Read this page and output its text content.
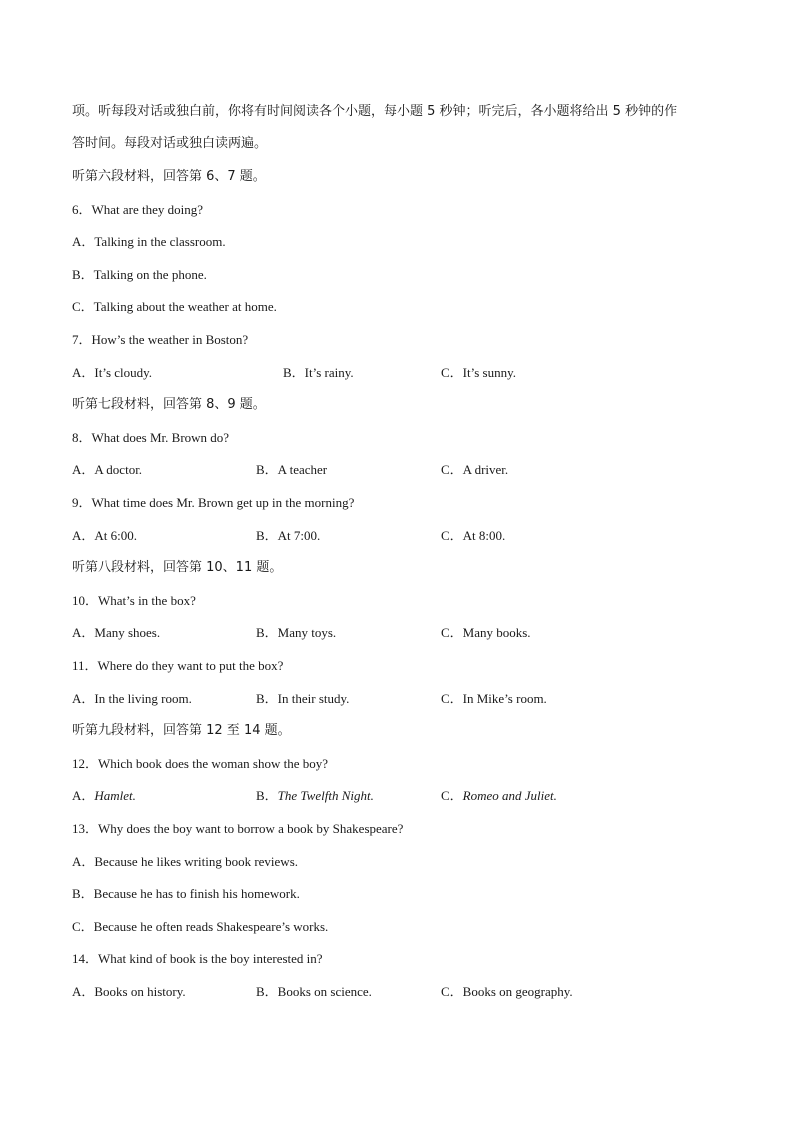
项。听每段对话或独白前，你将有时间阅读各个小题，每小题 5 秒钟；听完后，各小题将给出 5 秒钟的作
答时间。每段对话或独白读两遍。
听第六段材料，回答第 6、7 题。
6．What are they doing?
A．Talking in the classroom.
B．Talking on the phone.
C．Talking about the weather at home.
7．How’s the weather in Boston?
A．It’s cloudy.	B．It’s rainy.	C．It’s sunny.
听第七段材料，回答第 8、9 题。
8．What does Mr. Brown do?
A．A doctor.	B．A teacher	C．A driver.
9．What time does Mr. Brown get up in the morning?
A．At 6:00.	B．At 7:00.	C．At 8:00.
听第八段材料，回答第 10、11 题。
10．What’s in the box?
A．Many shoes.	B．Many toys.	C．Many books.
11．Where do they want to put the box?
A．In the living room.	B．In their study.	C．In Mike’s room.
听第九段材料，回答第 12 至 14 题。
12．Which book does the woman show the boy?
A．Hamlet.	B．The Twelfth Night.	C．Romeo and Juliet.
13．Why does the boy want to borrow a book by Shakespeare?
A．Because he likes writing book reviews.
B．Because he has to finish his homework.
C．Because he often reads Shakespeare’s works.
14．What kind of book is the boy interested in?
A．Books on history.	B．Books on science.	C．Books on geography.
